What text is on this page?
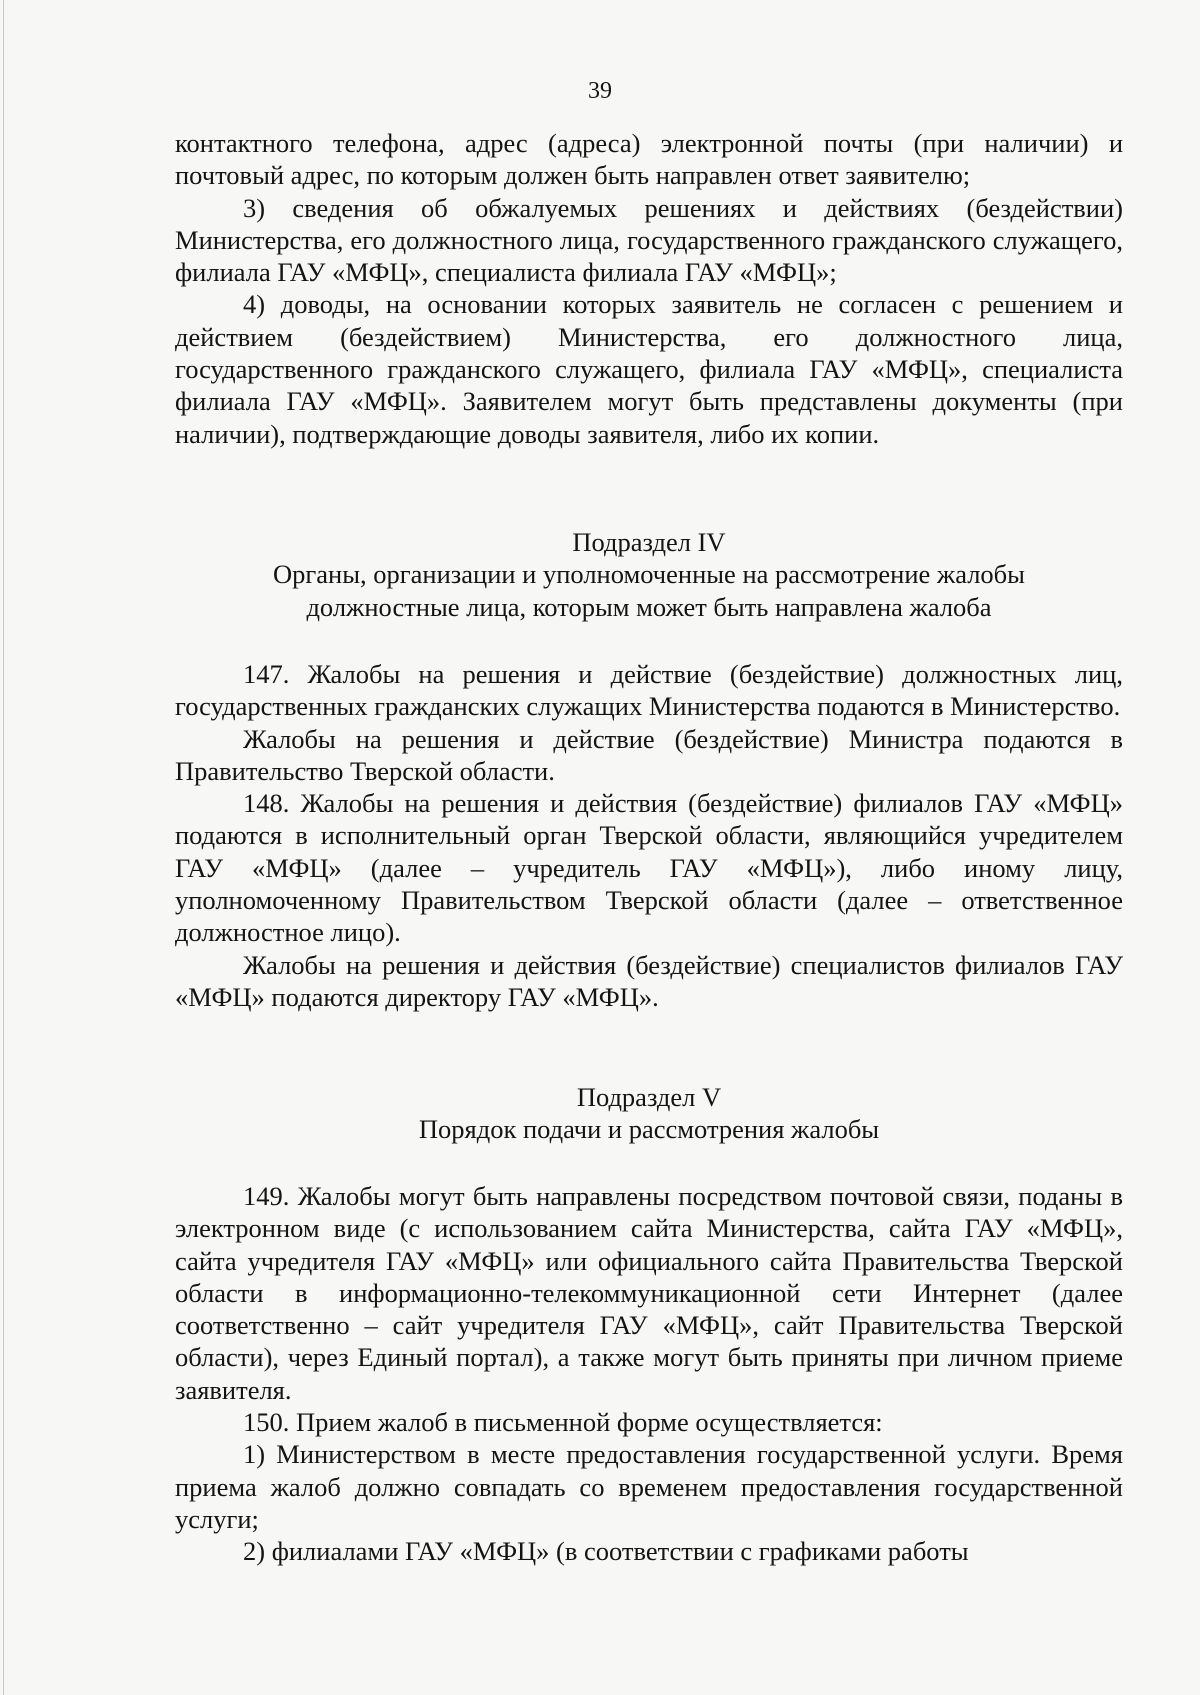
39

контактного телефона, адрес (адреса) электронной почты (при наличии) и почтовый адрес, по которым должен быть направлен ответ заявителю;

3) сведения об обжалуемых решениях и действиях (бездействии) Министерства, его должностного лица, государственного гражданского служащего, филиала ГАУ «МФЦ», специалиста филиала ГАУ «МФЦ»;

4) доводы, на основании которых заявитель не согласен с решением и действием (бездействием) Министерства, его должностного лица, государственного гражданского служащего, филиала ГАУ «МФЦ», специалиста филиала ГАУ «МФЦ». Заявителем могут быть представлены документы (при наличии), подтверждающие доводы заявителя, либо их копии.

Подраздел IV
Органы, организации и уполномоченные на рассмотрение жалобы
должностные лица, которым может быть направлена жалоба

147. Жалобы на решения и действие (бездействие) должностных лиц, государственных гражданских служащих Министерства подаются в Министерство.

Жалобы на решения и действие (бездействие) Министра подаются в Правительство Тверской области.

148. Жалобы на решения и действия (бездействие) филиалов ГАУ «МФЦ» подаются в исполнительный орган Тверской области, являющийся учредителем ГАУ «МФЦ» (далее – учредитель ГАУ «МФЦ»), либо иному лицу, уполномоченному Правительством Тверской области (далее – ответственное должностное лицо).

Жалобы на решения и действия (бездействие) специалистов филиалов ГАУ «МФЦ» подаются директору ГАУ «МФЦ».

Подраздел V
Порядок подачи и рассмотрения жалобы

149. Жалобы могут быть направлены посредством почтовой связи, поданы в электронном виде (с использованием сайта Министерства, сайта ГАУ «МФЦ», сайта учредителя ГАУ «МФЦ» или официального сайта Правительства Тверской области в информационно-телекоммуникационной сети Интернет (далее соответственно – сайт учредителя ГАУ «МФЦ», сайт Правительства Тверской области), через Единый портал), а также могут быть приняты при личном приеме заявителя.

150. Прием жалоб в письменной форме осуществляется:

1) Министерством в месте предоставления государственной услуги. Время приема жалоб должно совпадать со временем предоставления государственной услуги;

2) филиалами ГАУ «МФЦ» (в соответствии с графиками работы
